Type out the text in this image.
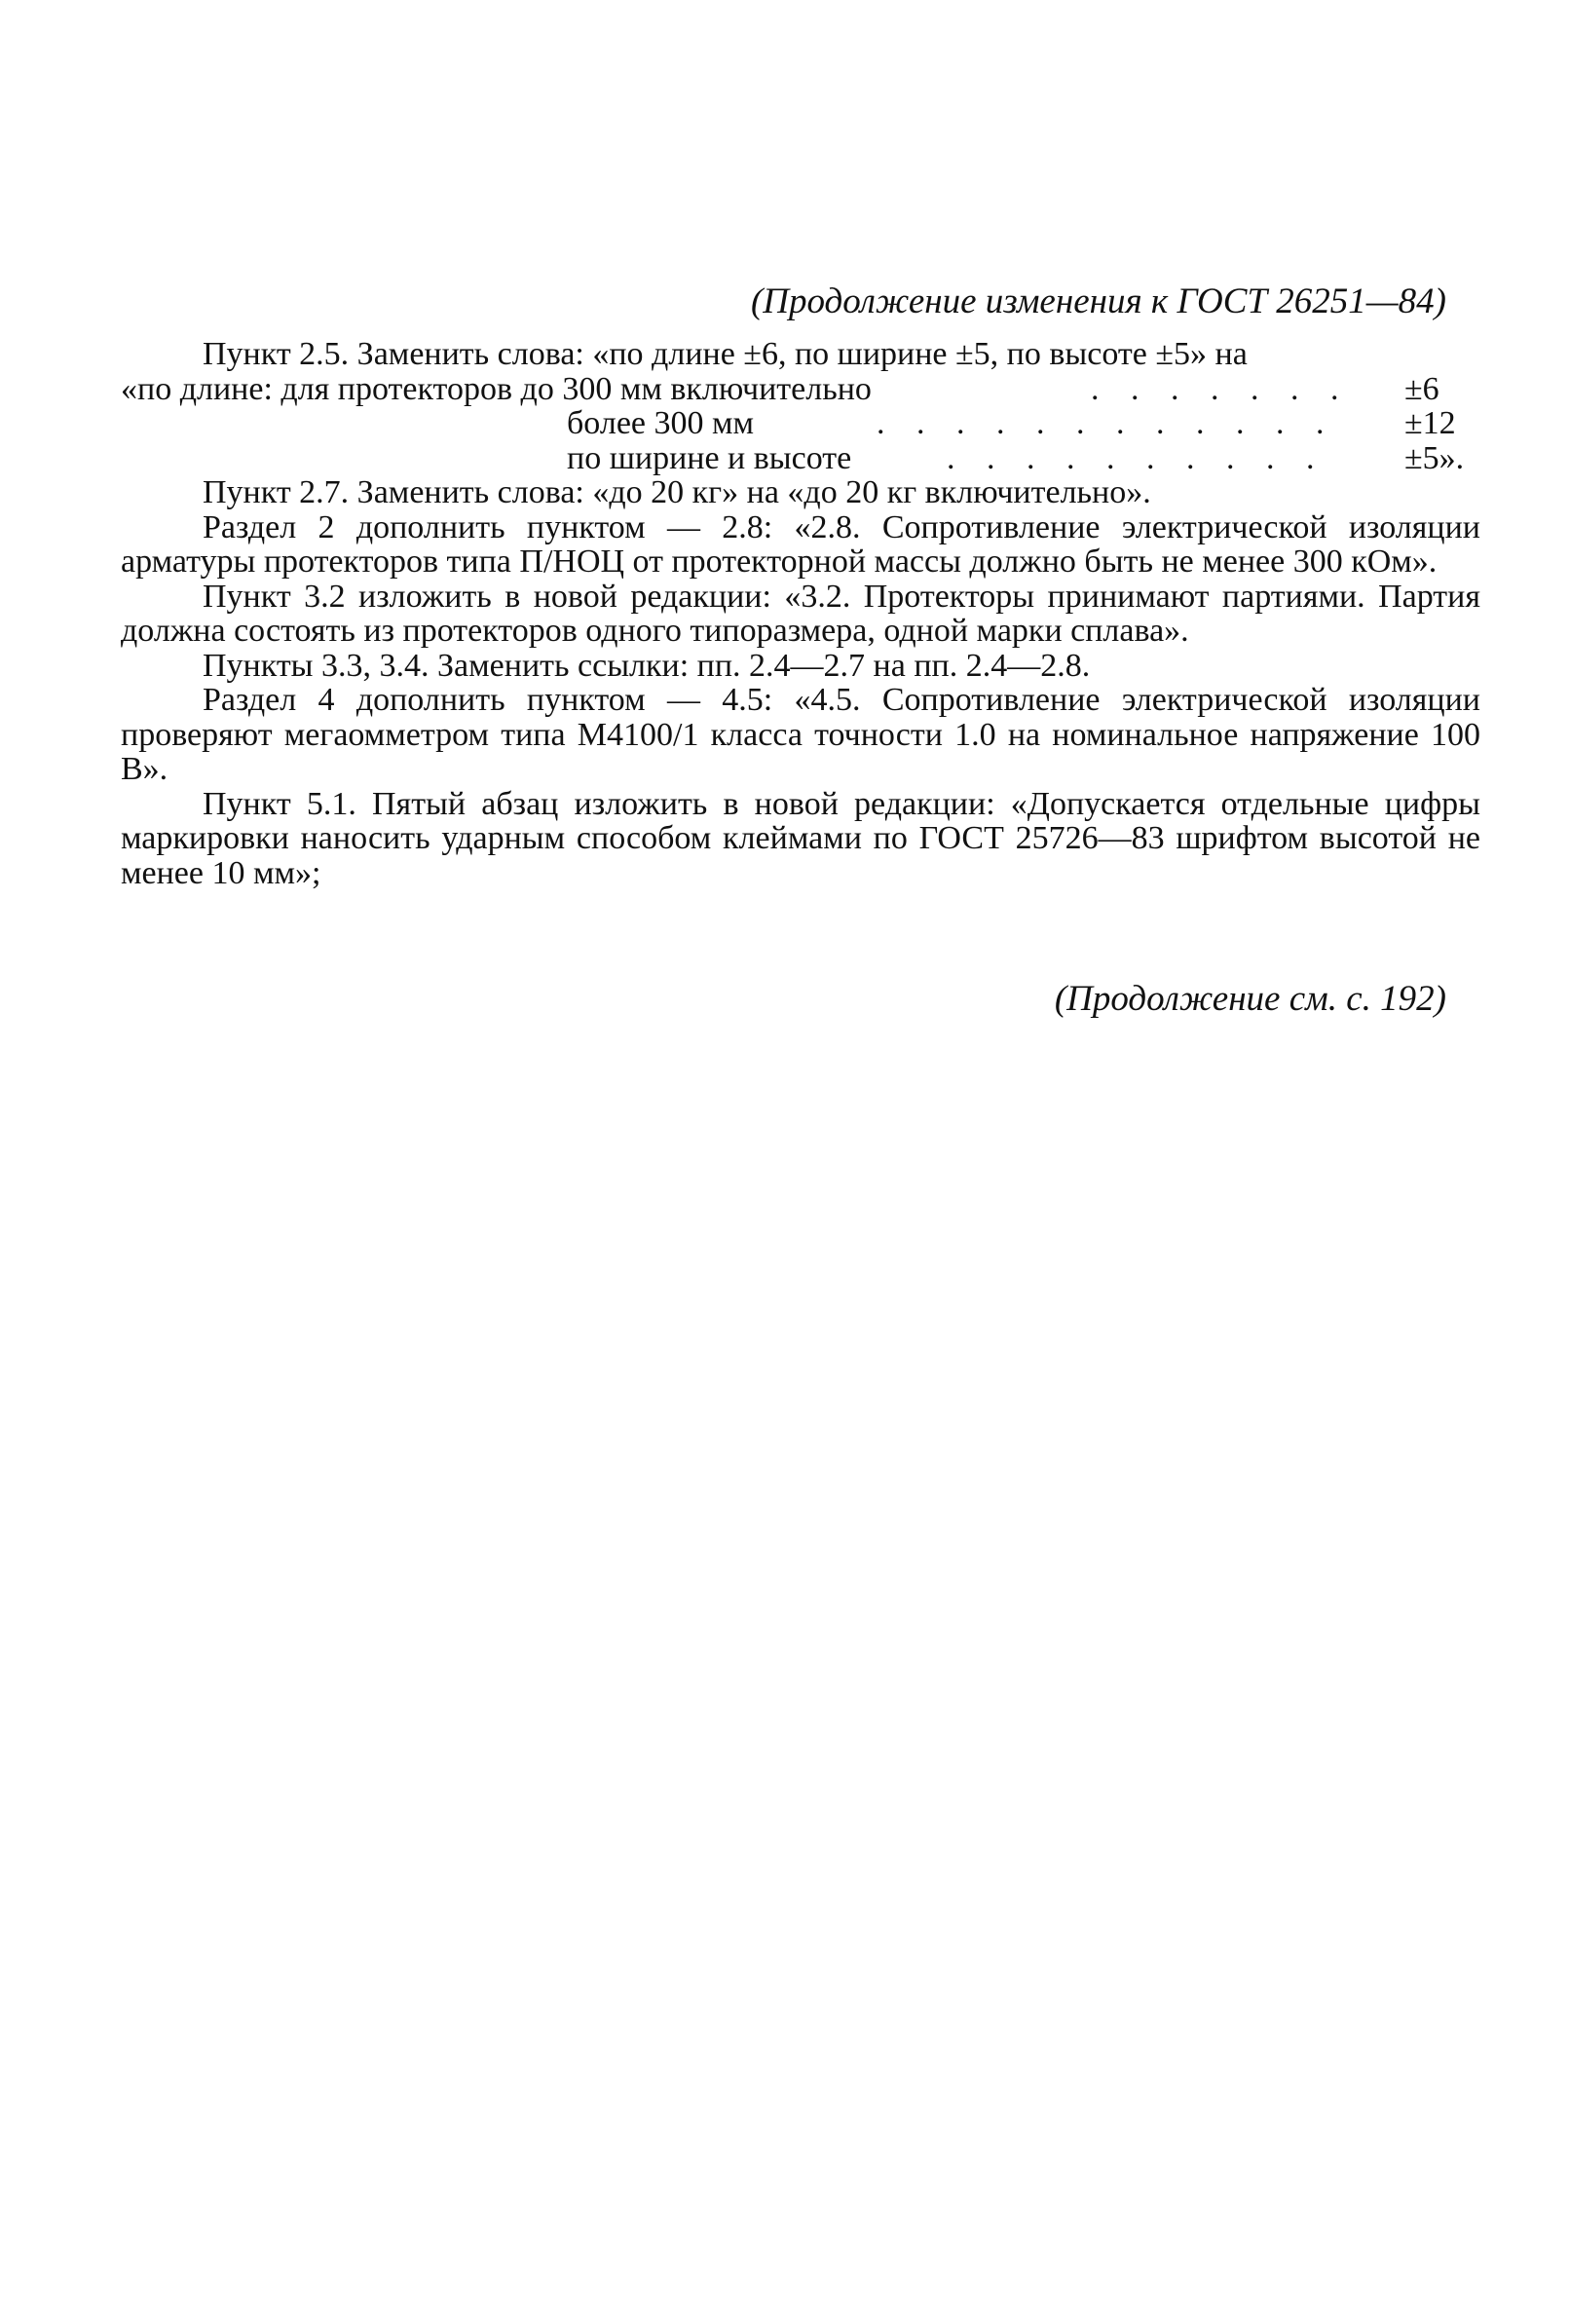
(Продолжение изменения к ГОСТ 26251—84)

Пункт 2.5. Заменить слова: «по длине ±6, по ширине ±5, по высоте ±5» на

«по длине: для протекторов до 300 мм включительно	. . . . . . . ±6
более 300 мм	. . . . . . . . . . . . ±12
по ширине и высоте	. . . . . . . . . . ±5».

Пункт 2.7. Заменить слова: «до 20 кг» на «до 20 кг включительно».

Раздел 2 дополнить пунктом — 2.8: «2.8. Сопротивление электрической изоляции арматуры протекторов типа П/НОЦ от протекторной массы должно быть не менее 300 кОм».

Пункт 3.2 изложить в новой редакции: «3.2. Протекторы принимают партиями. Партия должна состоять из протекторов одного типоразмера, одной марки сплава».

Пункты 3.3, 3.4. Заменить ссылки: пп. 2.4—2.7 на пп. 2.4—2.8.

Раздел 4 дополнить пунктом — 4.5: «4.5. Сопротивление электрической изоляции проверяют мегаомметром типа М4100/1 класса точности 1.0 на номинальное напряжение 100 В».

Пункт 5.1. Пятый абзац изложить в новой редакции: «Допускается отдельные цифры маркировки наносить ударным способом клеймами по ГОСТ 25726—83 шрифтом высотой не менее 10 мм»;

(Продолжение см. с. 192)
